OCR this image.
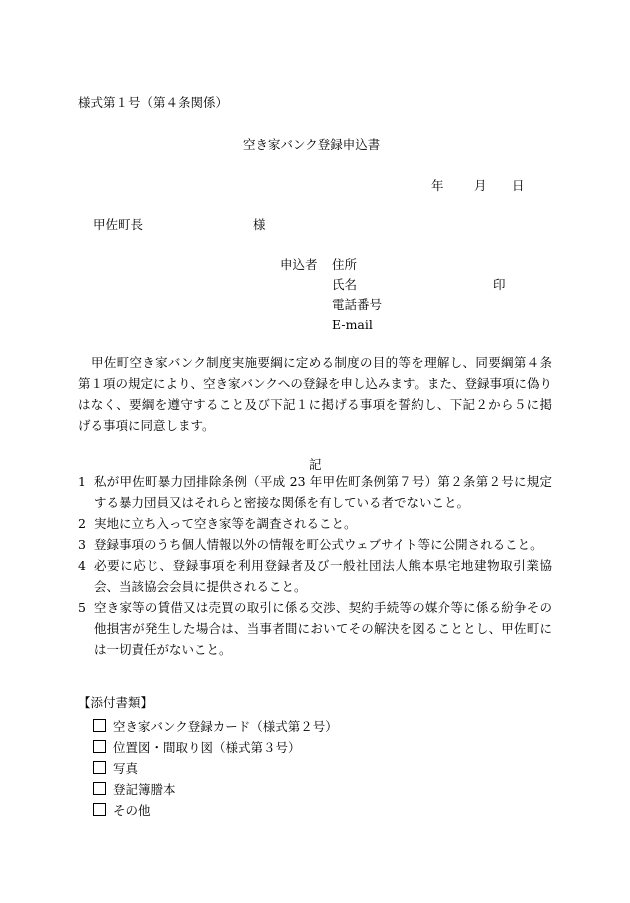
様式第１号（第４条関係）
空き家バンク登録申込書
年 月 日
甲佐町長	様
申込者 住所
氏名	印
電話番号
E-mail
甲佐町空き家バンク制度実施要綱に定める制度の目的等を理解し、同要綱第４条第１項の規定により、空き家バンクへの登録を申し込みます。また、登録事項に偽りはなく、要綱を遵守すること及び下記１に掲げる事項を誓約し、下記２から５に掲げる事項に同意します。
記
1 私が甲佐町暴力団排除条例（平成 23 年甲佐町条例第７号）第２条第２号に規定する暴力団員又はそれらと密接な関係を有している者でないこと。
2 実地に立ち入って空き家等を調査されること。
3 登録事項のうち個人情報以外の情報を町公式ウェブサイト等に公開されること。
4 必要に応じ、登録事項を利用登録者及び一般社団法人熊本県宅地建物取引業協会、当該協会会員に提供されること。
5 空き家等の賃借又は売買の取引に係る交渉、契約手続等の媒介等に係る紛争その他損害が発生した場合は、当事者間においてその解決を図ることとし、甲佐町には一切責任がないこと。
【添付書類】
空き家バンク登録カード（様式第２号）
位置図・間取り図（様式第３号）
写真
登記簿謄本
その他
